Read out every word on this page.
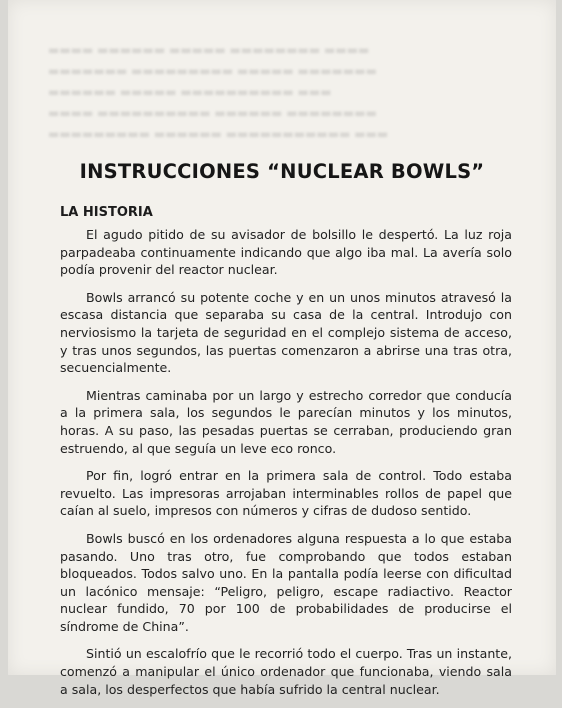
▬▬▬▬ ▬▬▬▬▬▬ ▬▬▬▬▬ ▬▬▬▬▬▬▬▬ ▬▬▬▬
▬▬▬▬▬▬▬ ▬▬▬▬▬▬▬▬▬ ▬▬▬▬▬ ▬▬▬▬▬▬▬
▬▬▬▬▬▬ ▬▬▬▬▬ ▬▬▬▬▬▬▬▬▬▬ ▬▬▬
▬▬▬▬ ▬▬▬▬▬▬▬▬▬▬ ▬▬▬▬▬▬ ▬▬▬▬▬▬▬▬
▬▬▬▬▬▬▬▬▬ ▬▬▬▬▬▬ ▬▬▬▬▬▬▬▬▬▬▬ ▬▬▬
INSTRUCCIONES “NUCLEAR BOWLS”
LA HISTORIA

El agudo pitido de su avisador de bolsillo le despertó. La luz roja parpadeaba continuamente indicando que algo iba mal. La avería solo podía provenir del reactor nuclear.

Bowls arrancó su potente coche y en un unos minutos atravesó la escasa distancia que separaba su casa de la central. Introdujo con nerviosismo la tarjeta de seguridad en el complejo sistema de acceso, y tras unos segundos, las puertas comenzaron a abrirse una tras otra, secuencialmente.

Mientras caminaba por un largo y estrecho corredor que conducía a la primera sala, los segundos le parecían minutos y los minutos, horas. A su paso, las pesadas puertas se cerraban, produciendo gran estruendo, al que seguía un leve eco ronco.

Por fin, logró entrar en la primera sala de control. Todo estaba revuelto. Las impresoras arrojaban interminables rollos de papel que caían al suelo, impresos con números y cifras de dudoso sentido.

Bowls buscó en los ordenadores alguna respuesta a lo que estaba pasando. Uno tras otro, fue comprobando que todos estaban bloqueados. Todos salvo uno. En la pantalla podía leerse con dificultad un lacónico mensaje: “Peligro, peligro, escape radiactivo. Reactor nuclear fundido, 70 por 100 de probabilidades de producirse el síndrome de China”.

Sintió un escalofrío que le recorrió todo el cuerpo. Tras un instante, comenzó a manipular el único ordenador que funcionaba, viendo sala a sala, los desperfectos que había sufrido la central nuclear.
